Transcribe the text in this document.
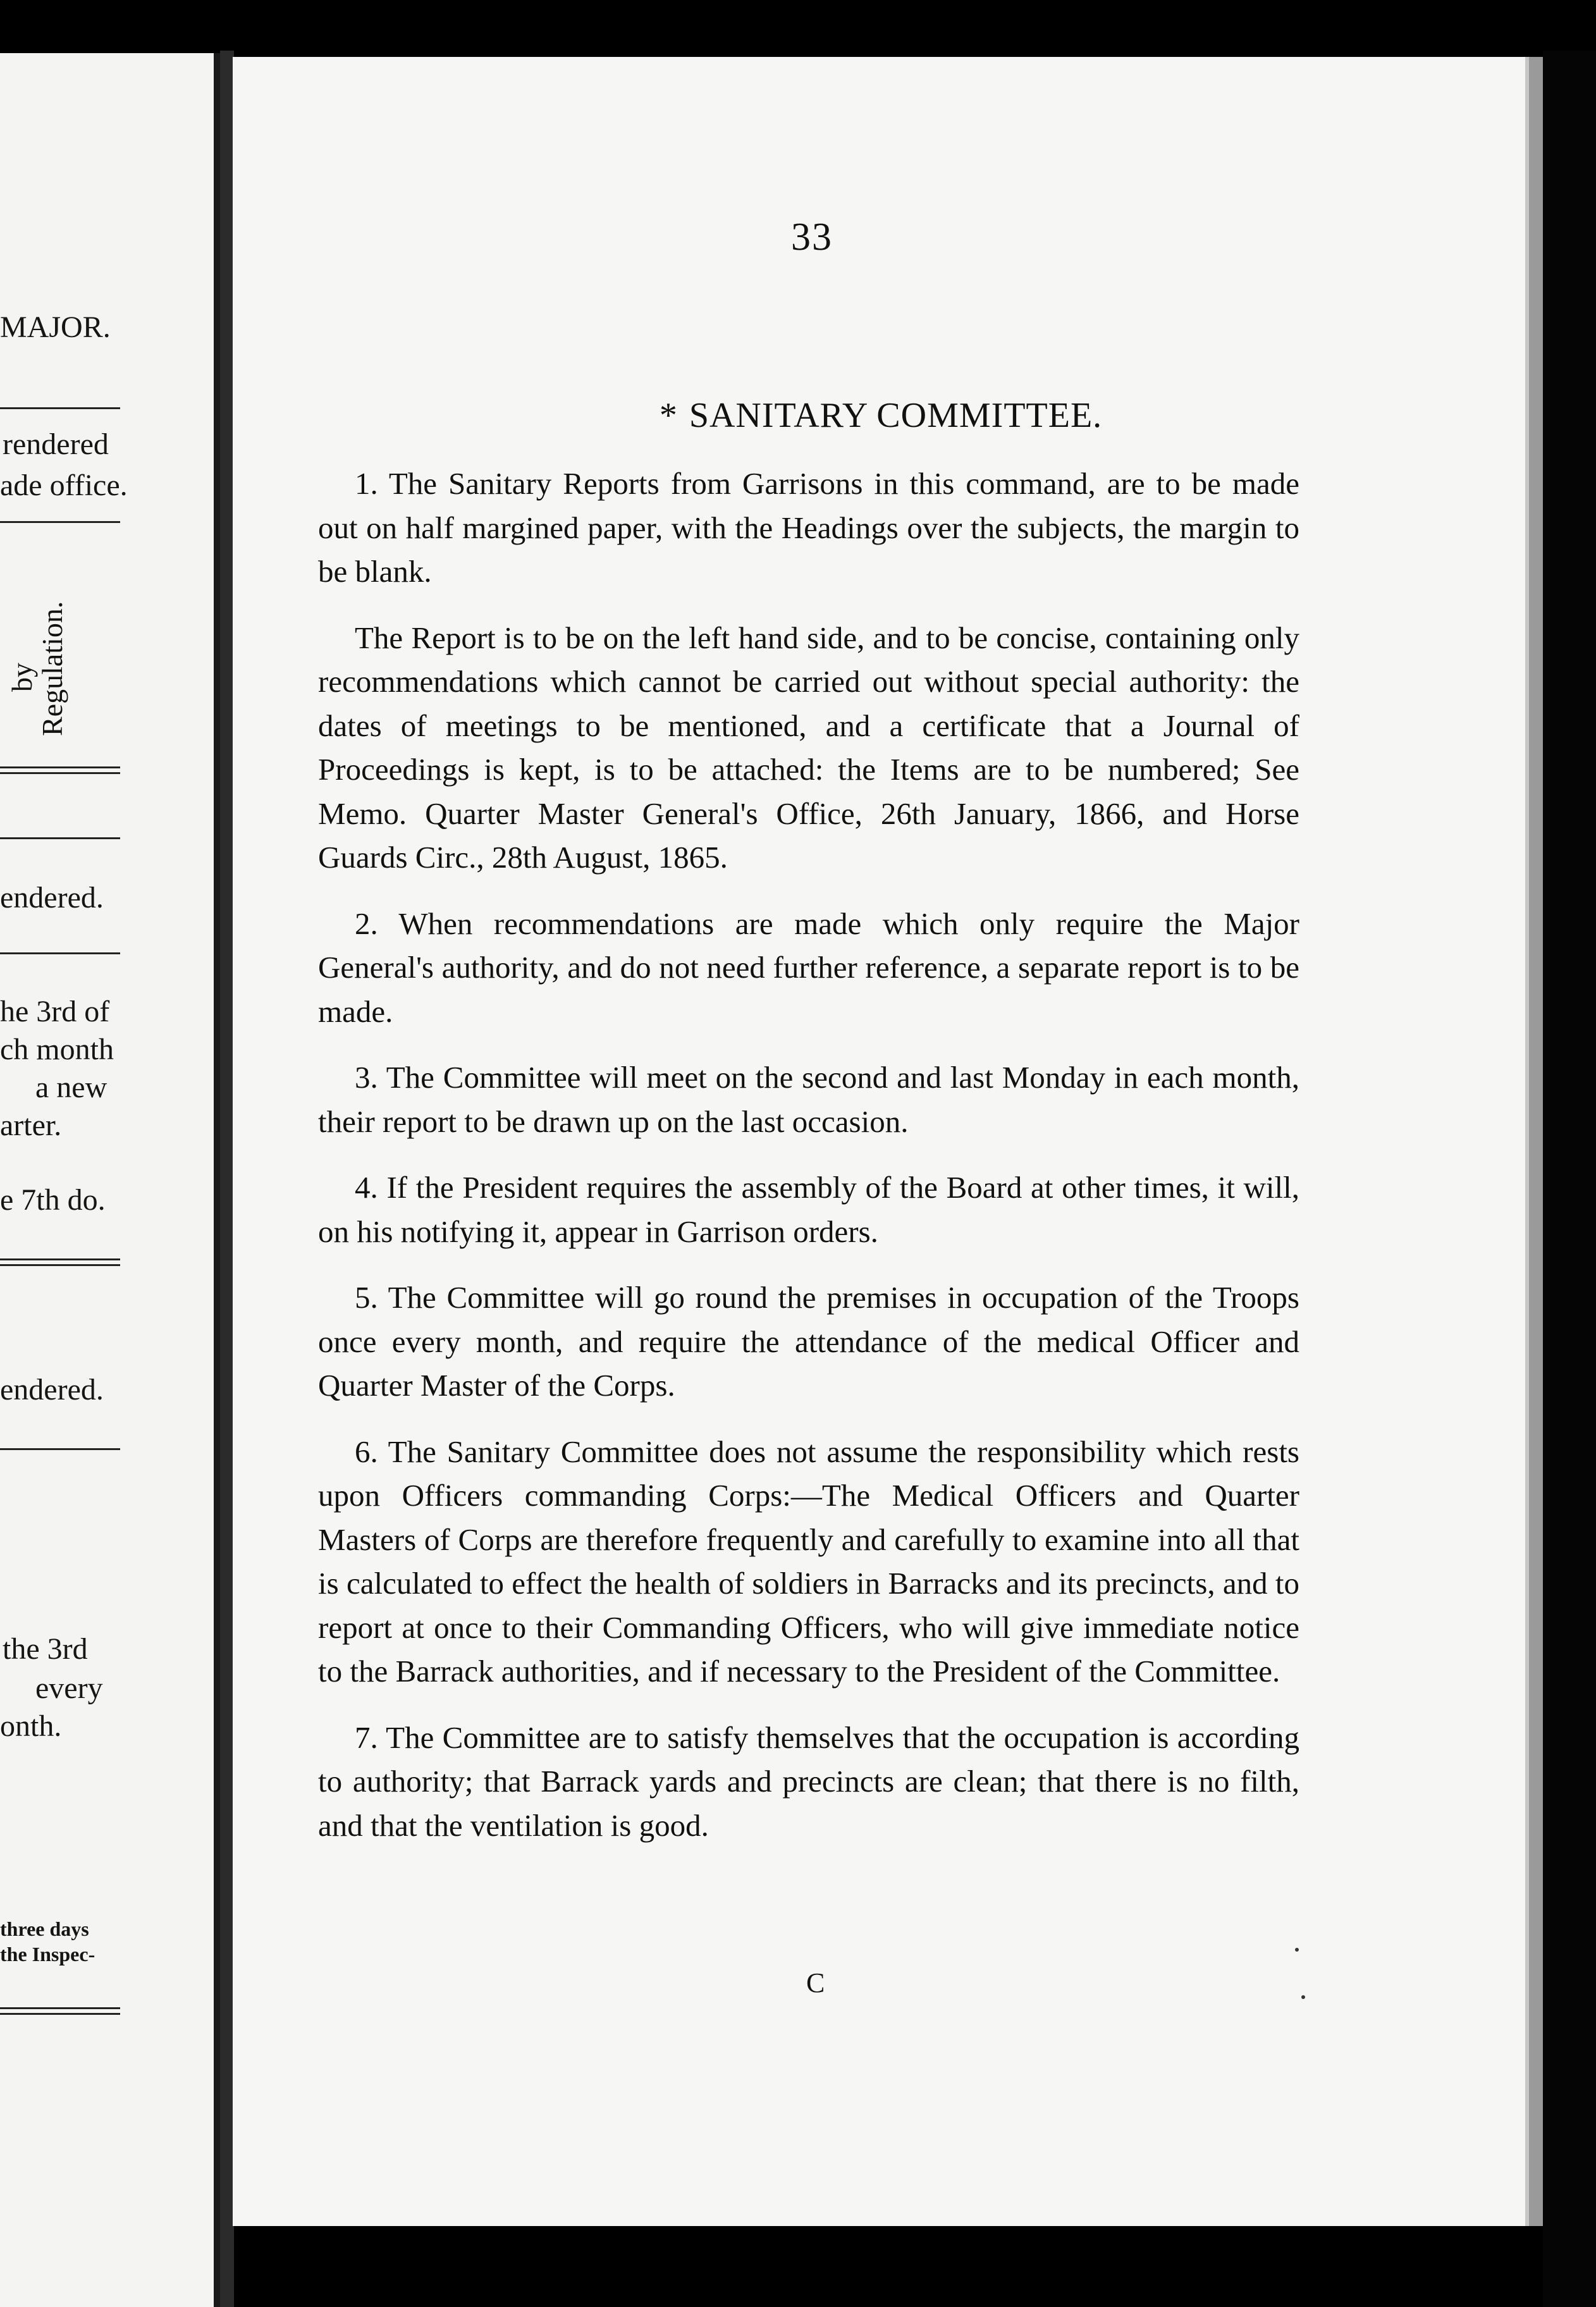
MAJOR.
rendered
ade office.
by
Regulation.
endered.
he 3rd of
ch month
a new
arter.
e 7th do.
endered.
the 3rd
every
onth.
three days
the Inspec-
33
* SANITARY COMMITTEE.

1. The Sanitary Reports from Garrisons in this command, are to be made out on half margined paper, with the Headings over the subjects, the margin to be blank.

The Report is to be on the left hand side, and to be concise, containing only recommendations which cannot be carried out without special authority: the dates of meetings to be mentioned, and a certificate that a Journal of Proceedings is kept, is to be attached: the Items are to be numbered; See Memo. Quarter Master General's Office, 26th January, 1866, and Horse Guards Circ., 28th August, 1865.

2. When recommendations are made which only require the Major General's authority, and do not need further reference, a separate report is to be made.

3. The Committee will meet on the second and last Monday in each month, their report to be drawn up on the last occasion.

4. If the President requires the assembly of the Board at other times, it will, on his notifying it, appear in Garrison orders.

5. The Committee will go round the premises in occupation of the Troops once every month, and require the attendance of the medical Officer and Quarter Master of the Corps.

6. The Sanitary Committee does not assume the responsibility which rests upon Officers commanding Corps:—The Medical Officers and Quarter Masters of Corps are therefore frequently and carefully to examine into all that is calculated to effect the health of soldiers in Barracks and its precincts, and to report at once to their Commanding Officers, who will give immediate notice to the Barrack authorities, and if necessary to the President of the Committee.

7. The Committee are to satisfy themselves that the occupation is according to authority; that Barrack yards and precincts are clean; that there is no filth, and that the ventilation is good.

C
